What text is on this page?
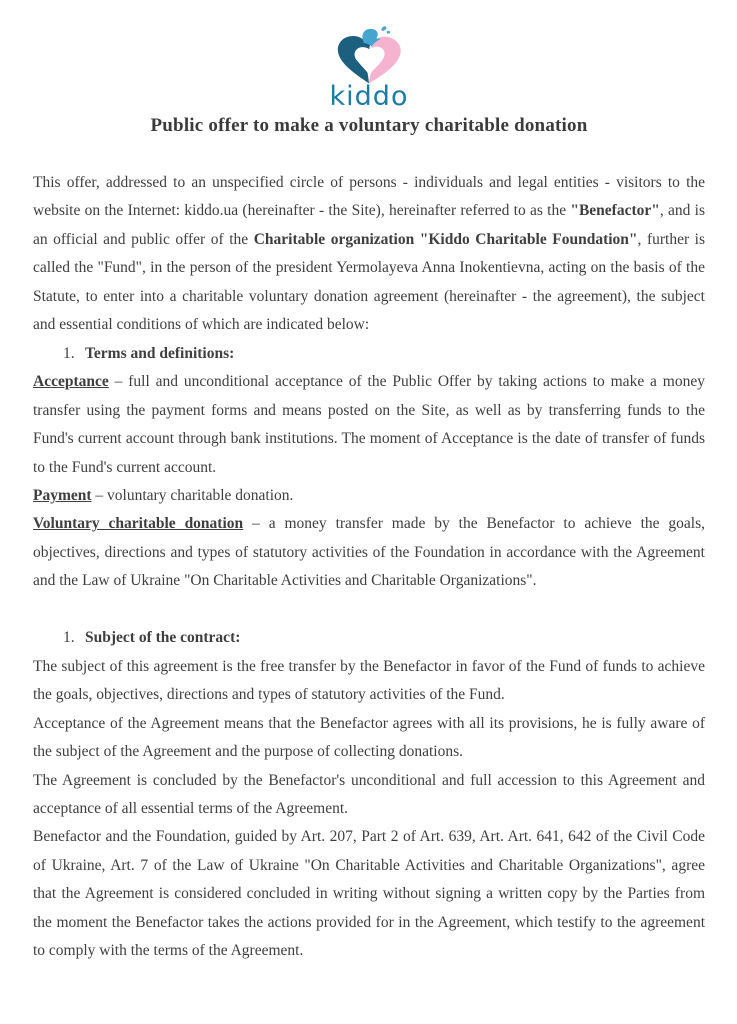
kiddo
Public offer to make a voluntary charitable donation

This offer, addressed to an unspecified circle of persons - individuals and legal entities - visitors to the website on the Internet: kiddo.ua (hereinafter - the Site), hereinafter referred to as the "Benefactor", and is an official and public offer of the Charitable organization "Kiddo Charitable Foundation", further is called the "Fund", in the person of the president Yermolayeva Anna Inokentievna, acting on the basis of the Statute, to enter into a charitable voluntary donation agreement (hereinafter - the agreement), the subject and essential conditions of which are indicated below:

1. Terms and definitions:

Acceptance – full and unconditional acceptance of the Public Offer by taking actions to make a money transfer using the payment forms and means posted on the Site, as well as by transferring funds to the Fund's current account through bank institutions. The moment of Acceptance is the date of transfer of funds to the Fund's current account.

Payment – voluntary charitable donation.

Voluntary charitable donation – a money transfer made by the Benefactor to achieve the goals, objectives, directions and types of statutory activities of the Foundation in accordance with the Agreement and the Law of Ukraine "On Charitable Activities and Charitable Organizations".

1. Subject of the contract:

The subject of this agreement is the free transfer by the Benefactor in favor of the Fund of funds to achieve the goals, objectives, directions and types of statutory activities of the Fund.

Acceptance of the Agreement means that the Benefactor agrees with all its provisions, he is fully aware of the subject of the Agreement and the purpose of collecting donations.

The Agreement is concluded by the Benefactor's unconditional and full accession to this Agreement and acceptance of all essential terms of the Agreement.

Benefactor and the Foundation, guided by Art. 207, Part 2 of Art. 639, Art. Art. 641, 642 of the Civil Code of Ukraine, Art. 7 of the Law of Ukraine "On Charitable Activities and Charitable Organizations", agree that the Agreement is considered concluded in writing without signing a written copy by the Parties from the moment the Benefactor takes the actions provided for in the Agreement, which testify to the agreement to comply with the terms of the Agreement.
